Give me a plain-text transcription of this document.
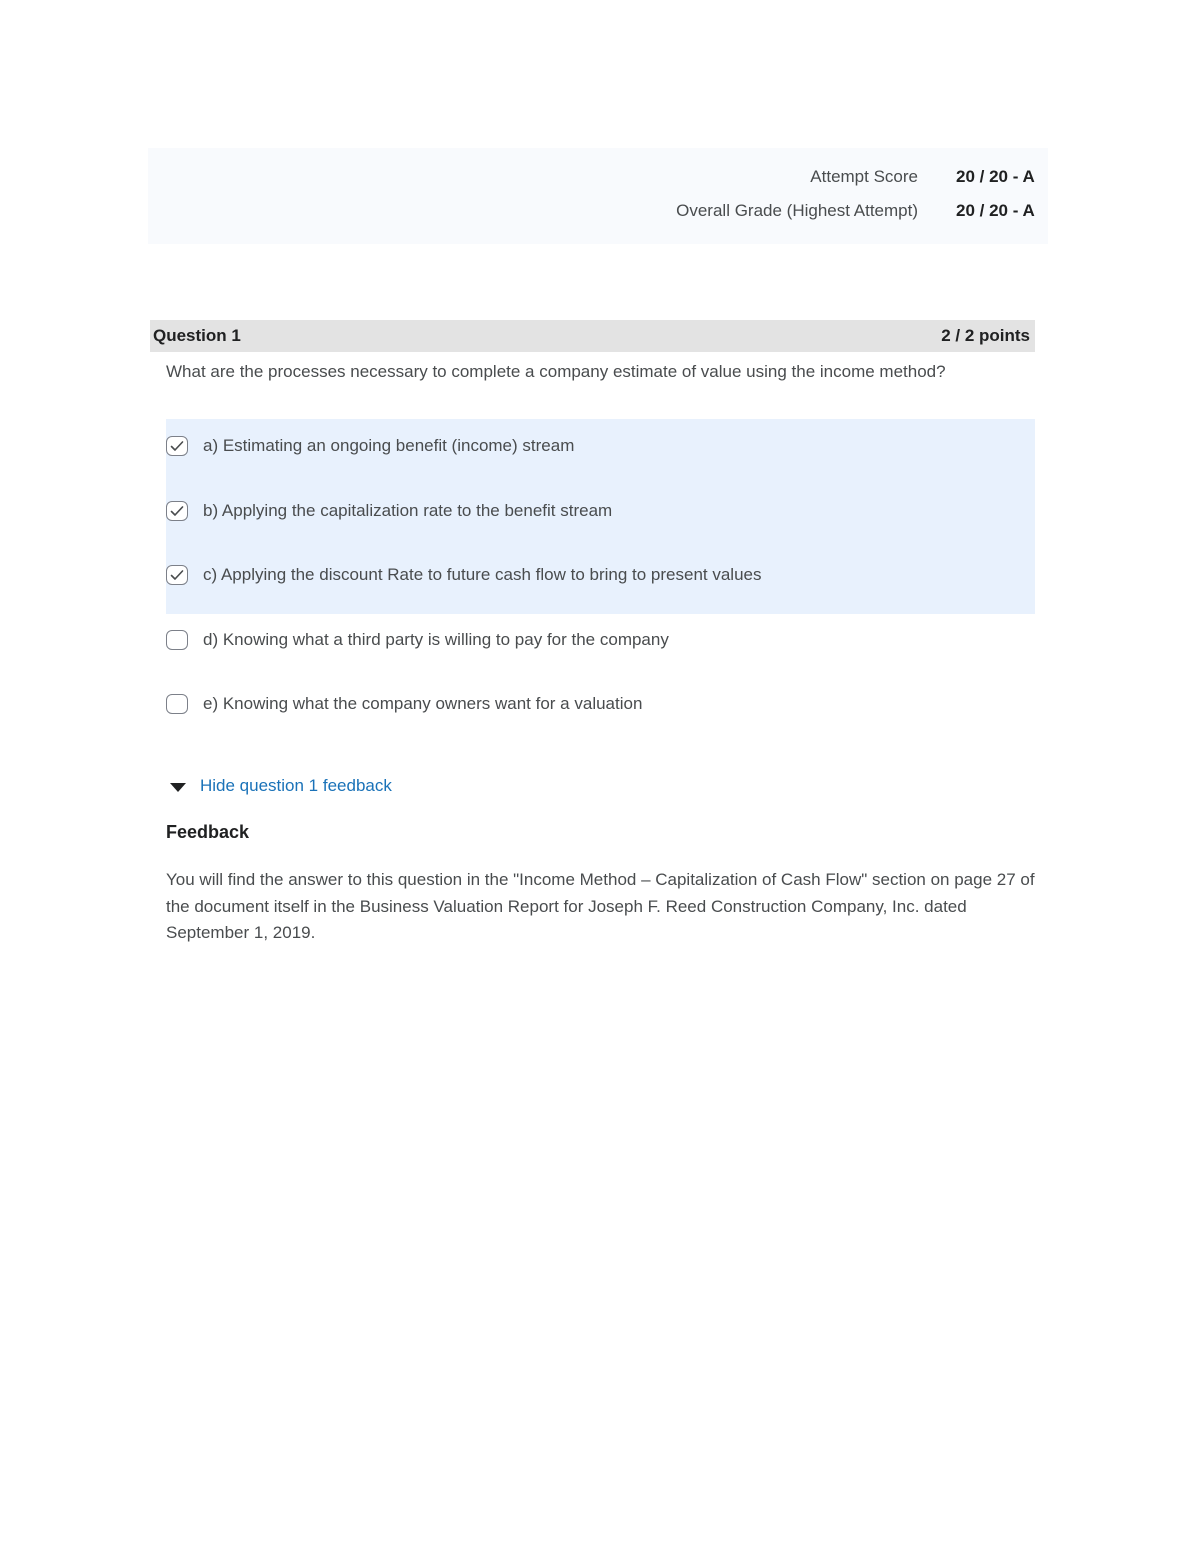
Attempt Score 20 / 20 - A
Overall Grade (Highest Attempt) 20 / 20 - A
Question 1	2 / 2 points
What are the processes necessary to complete a company estimate of value using the income method?
a) Estimating an ongoing benefit (income) stream
b) Applying the capitalization rate to the benefit stream
c) Applying the discount Rate to future cash flow to bring to present values
d) Knowing what a third party is willing to pay for the company
e) Knowing what the company owners want for a valuation
Hide question 1 feedback
Feedback
You will find the answer to this question in the "Income Method – Capitalization of Cash Flow" section on page 27 of the document itself in the Business Valuation Report for Joseph F. Reed Construction Company, Inc. dated September 1, 2019.
